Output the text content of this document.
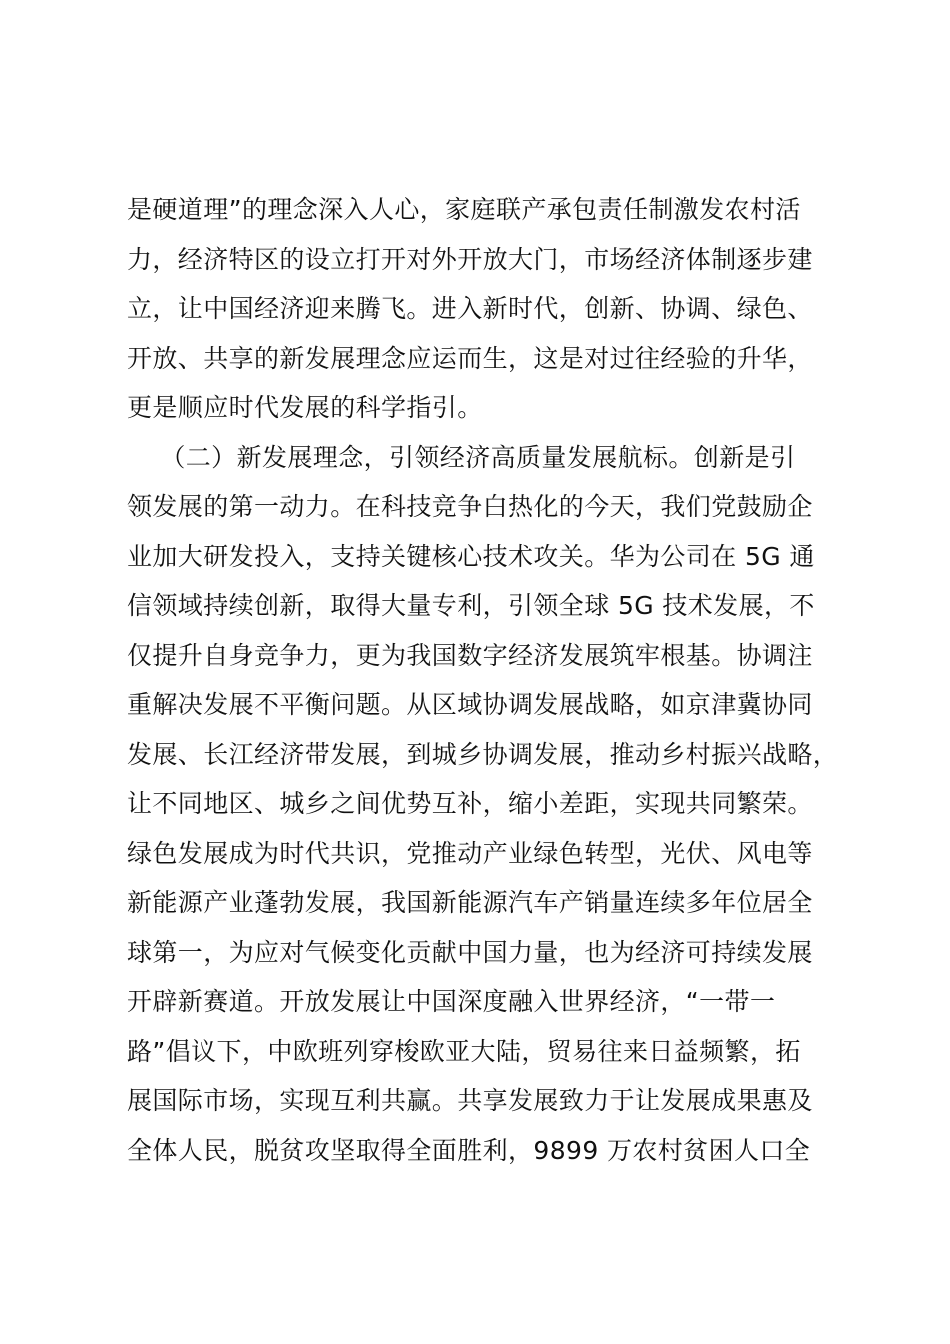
是硬道理”的理念深入人心，家庭联产承包责任制激发农村活
力，经济特区的设立打开对外开放大门，市场经济体制逐步建
立，让中国经济迎来腾飞。进入新时代，创新、协调、绿色、
开放、共享的新发展理念应运而生，这是对过往经验的升华，
更是顺应时代发展的科学指引。
（二）新发展理念，引领经济高质量发展航标。创新是引
领发展的第一动力。在科技竞争白热化的今天，我们党鼓励企
业加大研发投入，支持关键核心技术攻关。华为公司在 5G 通
信领域持续创新，取得大量专利，引领全球 5G 技术发展，不
仅提升自身竞争力，更为我国数字经济发展筑牢根基。协调注
重解决发展不平衡问题。从区域协调发展战略，如京津冀协同
发展、长江经济带发展，到城乡协调发展，推动乡村振兴战略，
让不同地区、城乡之间优势互补，缩小差距，实现共同繁荣。
绿色发展成为时代共识，党推动产业绿色转型，光伏、风电等
新能源产业蓬勃发展，我国新能源汽车产销量连续多年位居全
球第一，为应对气候变化贡献中国力量，也为经济可持续发展
开辟新赛道。开放发展让中国深度融入世界经济，“一带一
路”倡议下，中欧班列穿梭欧亚大陆，贸易往来日益频繁，拓
展国际市场，实现互利共赢。共享发展致力于让发展成果惠及
全体人民，脱贫攻坚取得全面胜利，9899 万农村贫困人口全
